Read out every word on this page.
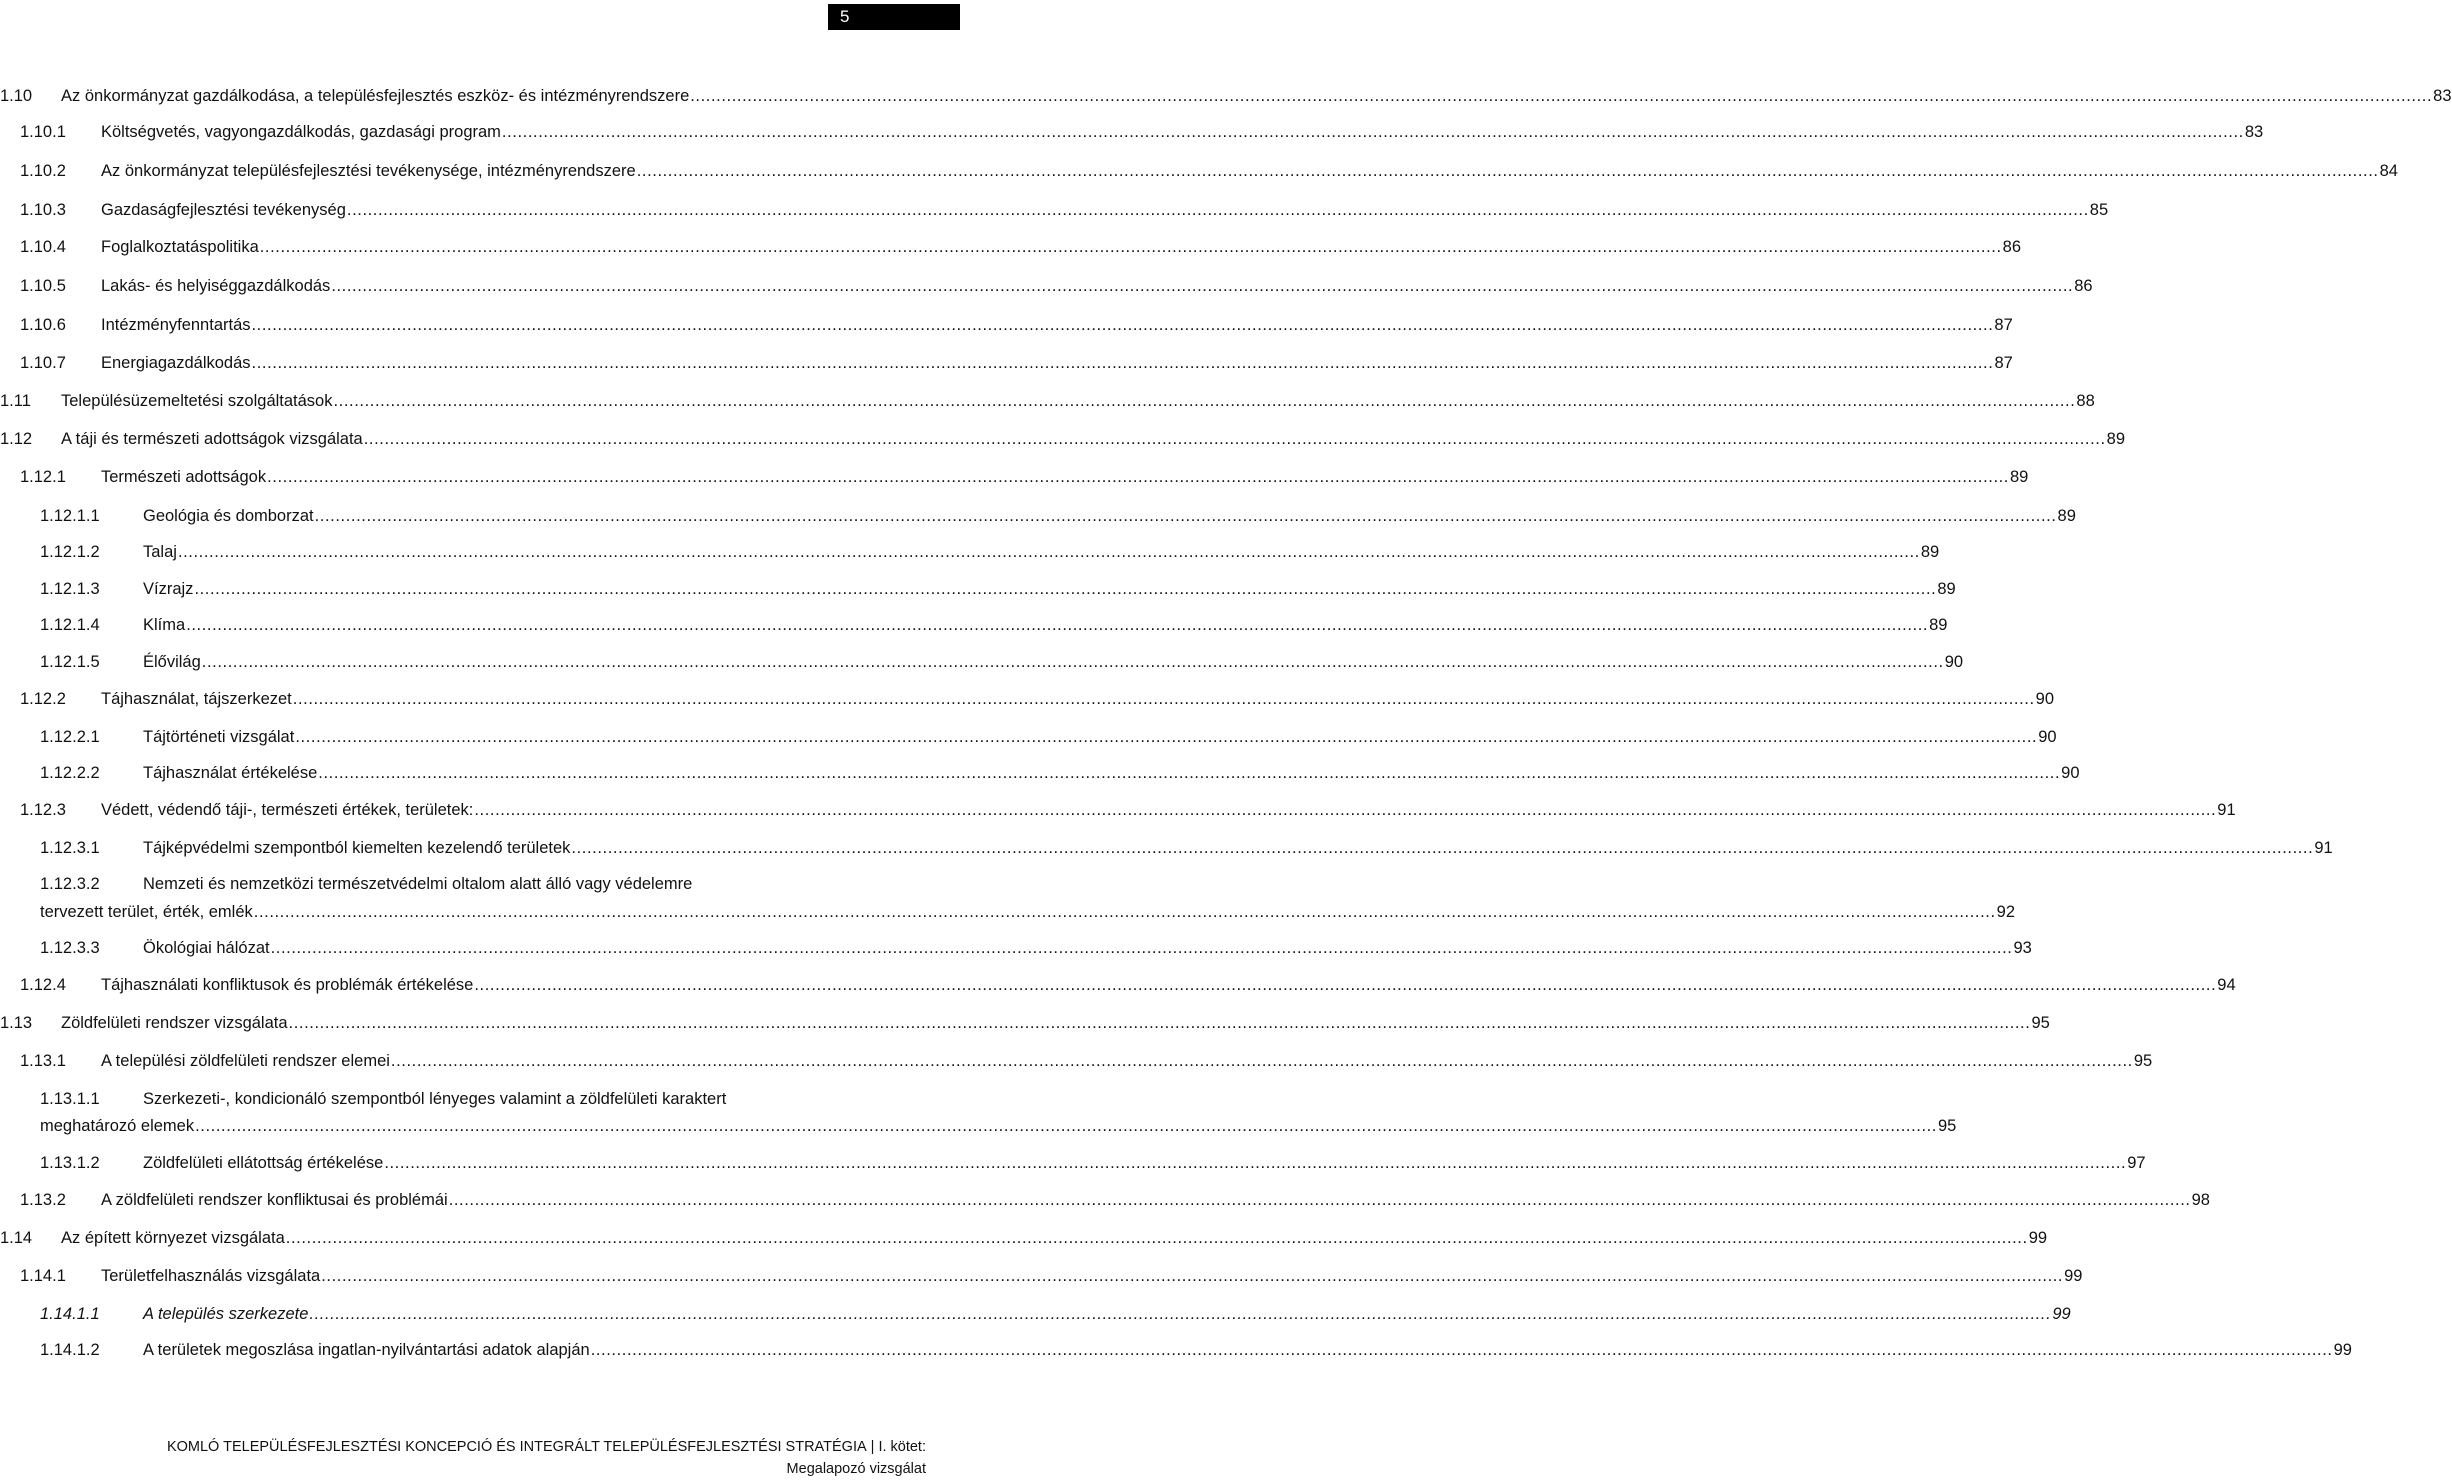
5
1.10	Az önkormányzat gazdálkodása, a településfejlesztés eszköz- és intézményrendszere .....	83
1.10.1	Költségvetés, vagyongazdálkodás, gazdasági program .....	83
1.10.2	Az önkormányzat településfejlesztési tevékenysége, intézményrendszere .....	84
1.10.3	Gazdaságfejlesztési tevékenység .....	85
1.10.4	Foglalkoztatáspolitika .....	86
1.10.5	Lakás- és helyiséggazdálkodás .....	86
1.10.6	Intézményfenntartás .....	87
1.10.7	Energiagazdálkodás .....	87
1.11	Településüzemeltetési szolgáltatások .....	88
1.12	A táji és természeti adottságok vizsgálata .....	89
1.12.1	Természeti adottságok .....	89
1.12.1.1	Geológia és domborzat .....	89
1.12.1.2	Talaj .....	89
1.12.1.3	Vízrajz .....	89
1.12.1.4	Klíma .....	89
1.12.1.5	Élővilág .....	90
1.12.2	Tájhasználat, tájszerkezet .....	90
1.12.2.1	Tájtörténeti vizsgálat .....	90
1.12.2.2	Tájhasználat értékelése .....	90
1.12.3	Védett, védendő táji-, természeti értékek, területek: .....	91
1.12.3.1	Tájképvédelmi szempontból kiemelten kezelendő területek .....	91
1.12.3.2	Nemzeti és nemzetközi természetvédelmi oltalom alatt álló vagy védelemre
tervezett terület, érték, emlék .....	92
1.12.3.3	Ökológiai hálózat .....	93
1.12.4	Tájhasználati konfliktusok és problémák értékelése .....	94
1.13	Zöldfelületi rendszer vizsgálata .....	95
1.13.1	A települési zöldfelületi rendszer elemei .....	95
1.13.1.1	Szerkezeti-, kondicionáló szempontból lényeges valamint a zöldfelületi karaktert
meghatározó elemek .....	95
1.13.1.2	Zöldfelületi ellátottság értékelése .....	97
1.13.2	A zöldfelületi rendszer konfliktusai és problémái .....	98
1.14	Az épített környezet vizsgálata .....	99
1.14.1	Területfelhasználás vizsgálata .....	99
1.14.1.1	A település szerkezete .....	99
1.14.1.2	A területek megoszlása ingatlan-nyilvántartási adatok alapján .....	99
KOMLÓ TELEPÜLÉSFEJLESZTÉSI KONCEPCIÓ ÉS INTEGRÁLT TELEPÜLÉSFEJLESZTÉSI STRATÉGIA | I. kötet:
Megalapozó vizsgálat
